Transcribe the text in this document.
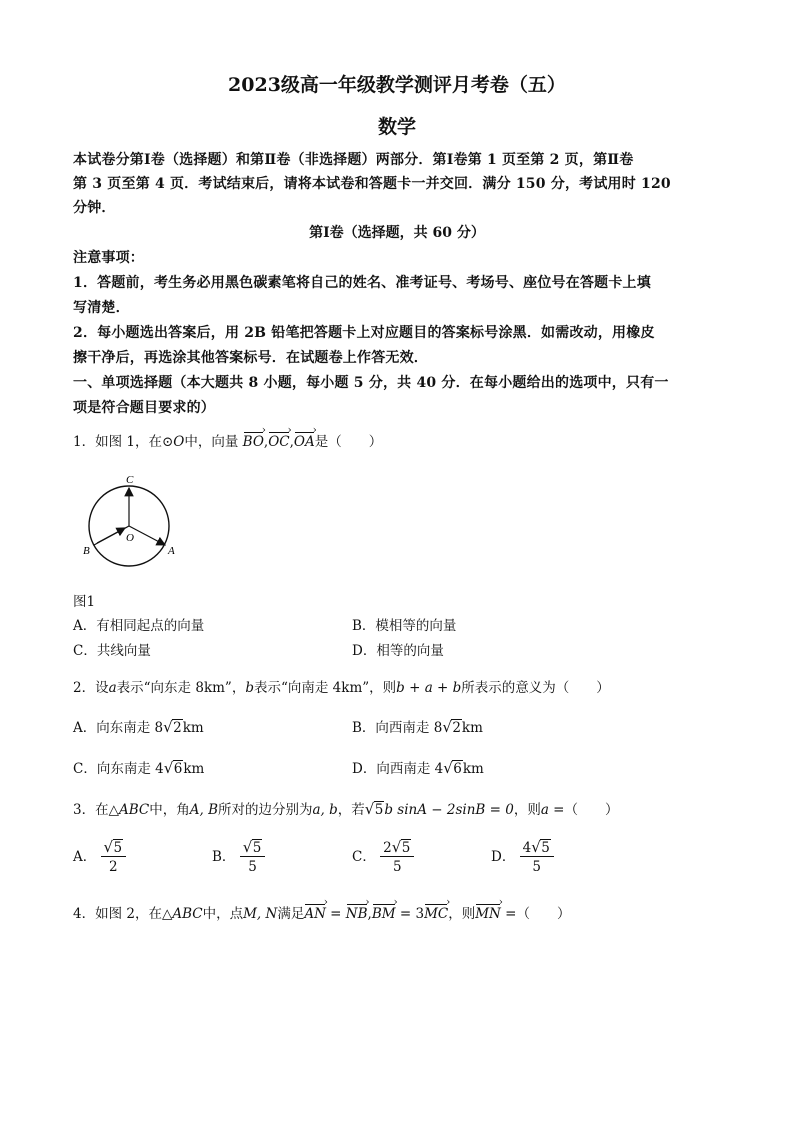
2023级高一年级教学测评月考卷（五）
数学
本试卷分第Ⅰ卷（选择题）和第Ⅱ卷（非选择题）两部分．第Ⅰ卷第 1 页至第 2 页，第Ⅱ卷
第 3 页至第 4 页．考试结束后，请将本试卷和答题卡一并交回．满分 150 分，考试用时 120
分钟．
第Ⅰ卷（选择题，共 60 分）
注意事项：
1．答题前，考生务必用黑色碳素笔将自己的姓名、准考证号、考场号、座位号在答题卡上填
写清楚．
2．每小题选出答案后，用 2B 铅笔把答题卡上对应题目的答案标号涂黑．如需改动，用橡皮
擦干净后，再选涂其他答案标号．在试题卷上作答无效．
一、单项选择题（本大题共 8 小题，每小题 5 分，共 40 分．在每小题给出的选项中，只有一
项是符合题目要求的）
1．如图 1，在⊙O中，向量 BO ›,OC ›,OA ›是（　　）
C
O
A
B
图1
A．有相同起点的向量	B．模相等的向量
C．共线向量	D．相等的向量
2．设a表示“向东走 8km”，b表示“向南走 4km”，则b + a + b所表示的意义为（　　）
A．向东南走 8 √ 2km	B．向西南走 8 √ 2km
C．向东南走 4 √ 6km	D．向西南走 4 √ 6km
3．在△ABC中，角A, B所对的边分别为a, b，若 √ 5b sinA − 2sinB = 0，则a =（　　）
A． $\frac{√ 5}{2}$	B． $\frac{√ 5}{5}$	C． $\frac{2 √ 5}{5}$	D． $\frac{4 √ 5}{5}$
4．如图 2，在△ABC中，点M, N满足AN › = NB ›,BM › = 3MC ›，则MN › =（　　）
